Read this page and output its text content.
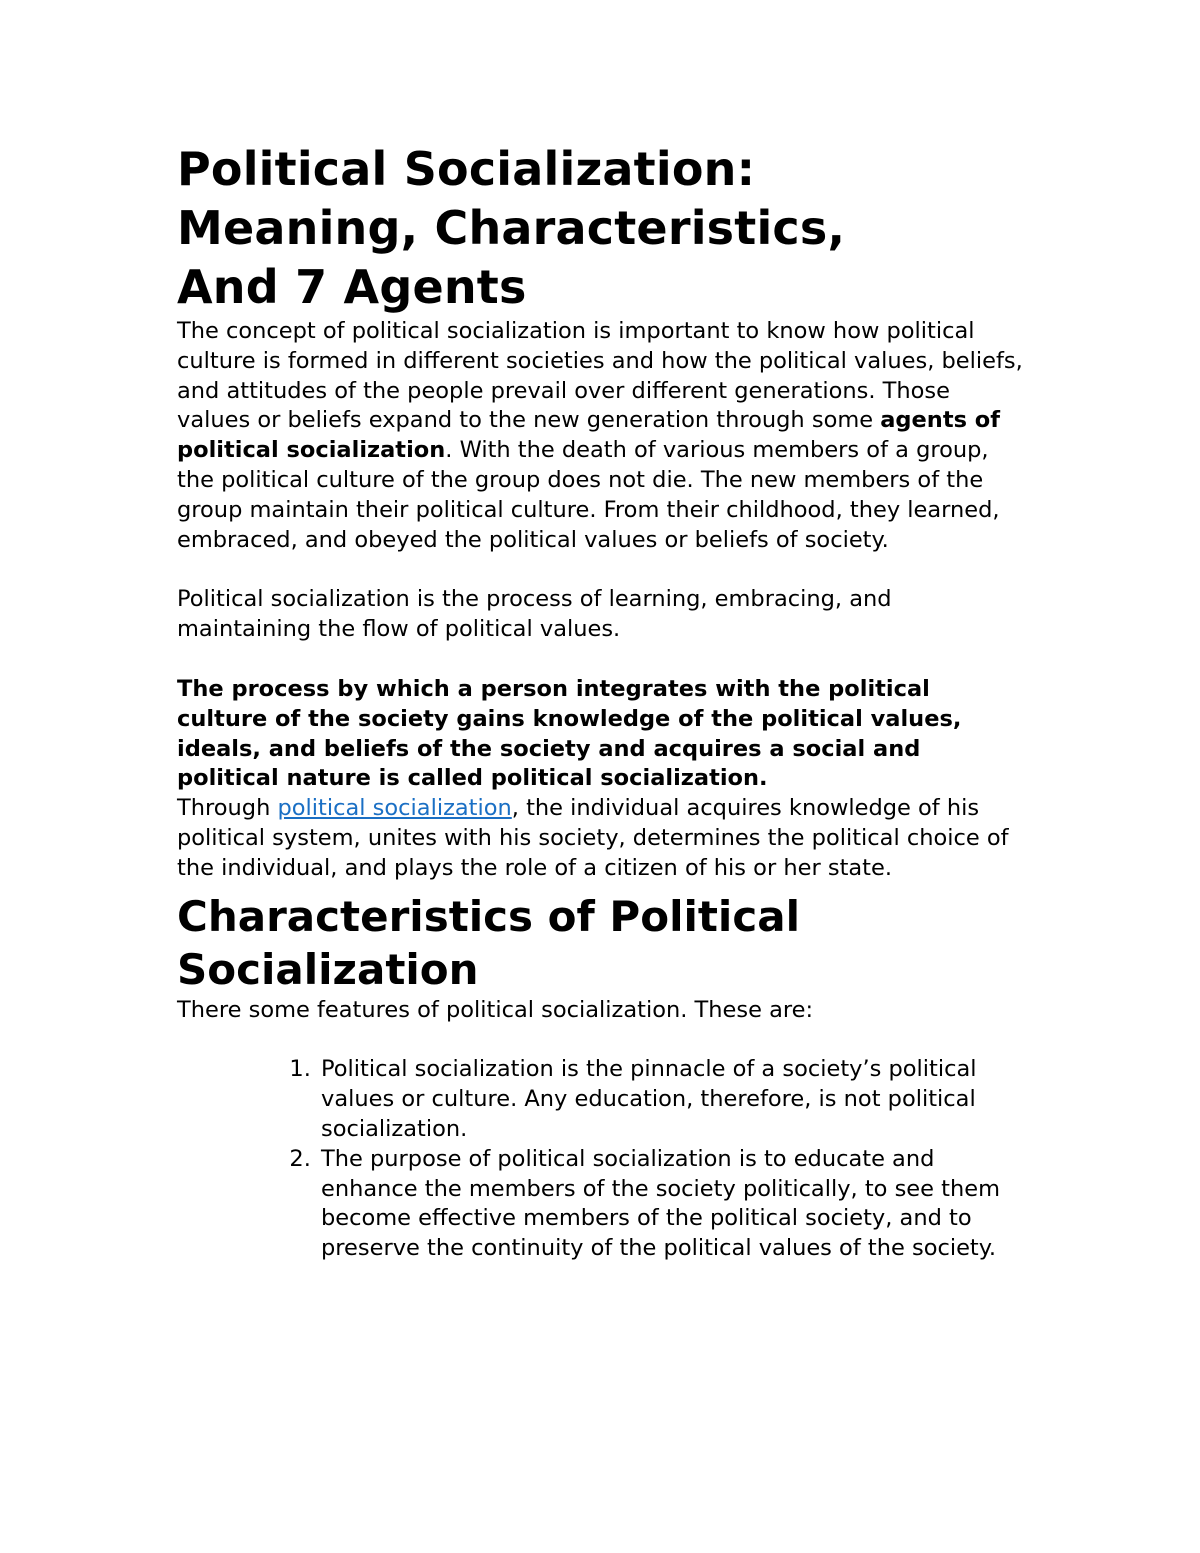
Political Socialization:
Meaning, Characteristics,
And 7 Agents

The concept of political socialization is important to know how political culture is formed in different societies and how the political values, beliefs, and attitudes of the people prevail over different generations. Those values or beliefs expand to the new generation through some agents of political socialization. With the death of various members of a group, the political culture of the group does not die. The new members of the group maintain their political culture. From their childhood, they learned, embraced, and obeyed the political values or beliefs of society.

Political socialization is the process of learning, embracing, and maintaining the flow of political values.

The process by which a person integrates with the political culture of the society gains knowledge of the political values, ideals, and beliefs of the society and acquires a social and political nature is called political socialization.

Through political socialization, the individual acquires knowledge of his political system, unites with his society, determines the political choice of the individual, and plays the role of a citizen of his or her state.

Characteristics of Political
Socialization

There some features of political socialization. These are:

1. Political socialization is the pinnacle of a society’s political values or culture. Any education, therefore, is not political socialization.
2. The purpose of political socialization is to educate and enhance the members of the society politically, to see them become effective members of the political society, and to preserve the continuity of the political values of the society.
